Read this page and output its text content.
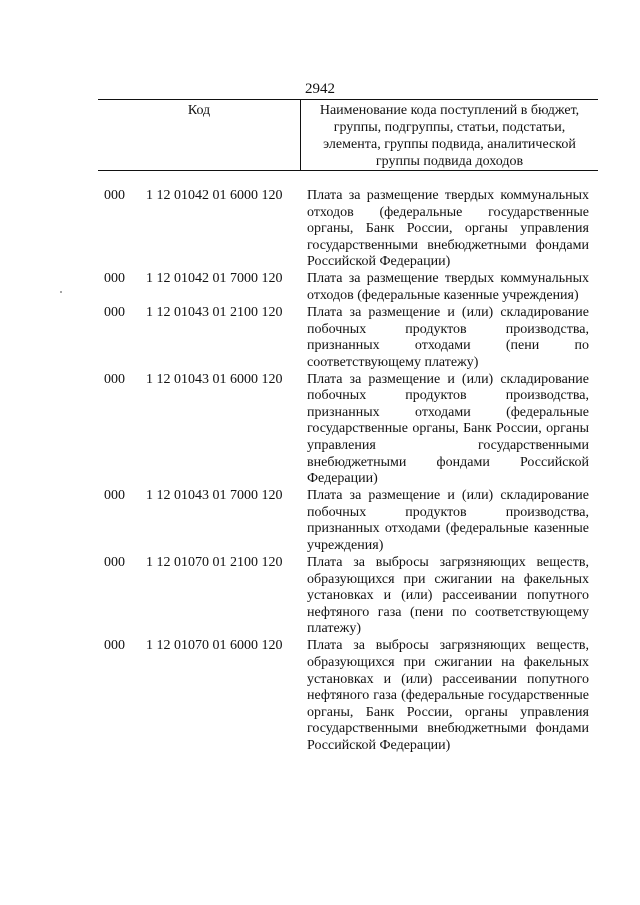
2942
Код	Наименование кода поступлений в бюджет, группы, подгруппы, статьи, подстатьи, элемента, группы подвида, аналитической группы подвида доходов
000 1 12 01042 01 6000 120 Плата за размещение твердых коммунальных отходов (федеральные государственные органы, Банк России, органы управления государственными внебюджетными фондами Российской Федерации)
000 1 12 01042 01 7000 120 Плата за размещение твердых коммунальных отходов (федеральные казенные учреждения)
000 1 12 01043 01 2100 120 Плата за размещение и (или) складирование побочных продуктов производства, признанных отходами (пени по соответствующему платежу)
000 1 12 01043 01 6000 120 Плата за размещение и (или) складирование побочных продуктов производства, признанных отходами (федеральные государственные органы, Банк России, органы управления государственными внебюджетными фондами Российской Федерации)
000 1 12 01043 01 7000 120 Плата за размещение и (или) складирование побочных продуктов производства, признанных отходами (федеральные казенные учреждения)
000 1 12 01070 01 2100 120 Плата за выбросы загрязняющих веществ, образующихся при сжигании на факельных установках и (или) рассеивании попутного нефтяного газа (пени по соответствующему платежу)
000 1 12 01070 01 6000 120 Плата за выбросы загрязняющих веществ, образующихся при сжигании на факельных установках и (или) рассеивании попутного нефтяного газа (федеральные государственные органы, Банк России, органы управления государственными внебюджетными фондами Российской Федерации)
